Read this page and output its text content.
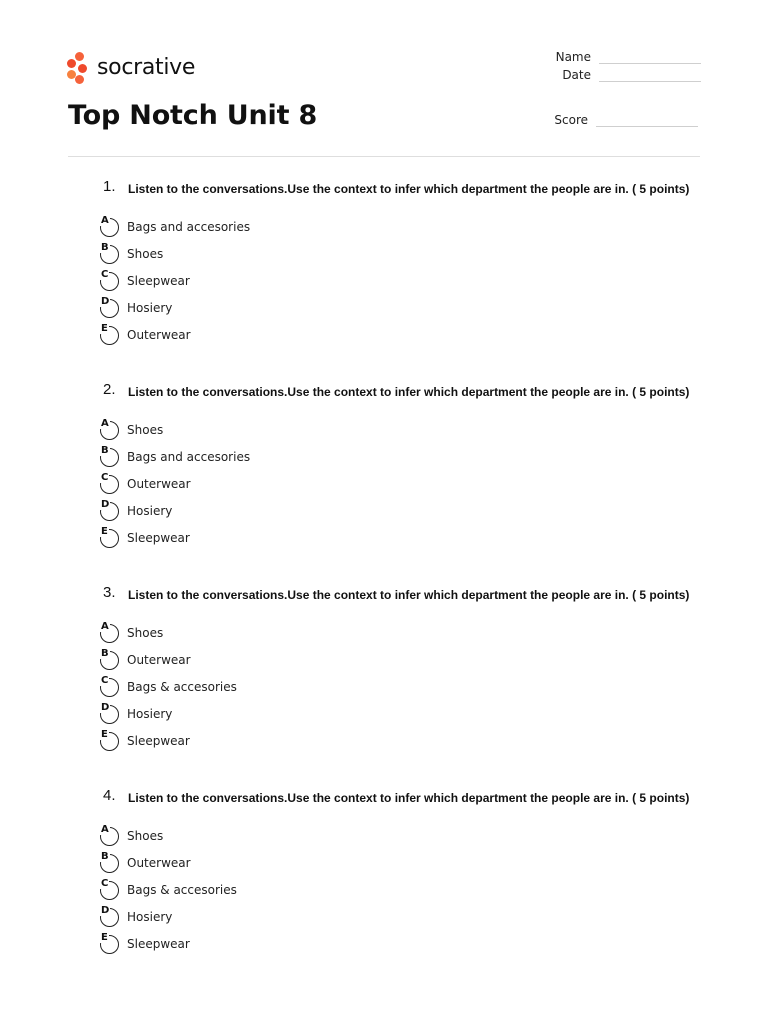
socrative
Top Notch Unit 8
Name
Date
Score
1. Listen to the conversations.Use the context to infer which department the people are in. ( 5 points)
A Bags and accesories
B Shoes
C Sleepwear
D Hosiery
E Outerwear
2. Listen to the conversations.Use the context to infer which department the people are in. ( 5 points)
A Shoes
B Bags and accesories
C Outerwear
D Hosiery
E Sleepwear
3. Listen to the conversations.Use the context to infer which department the people are in. ( 5 points)
A Shoes
B Outerwear
C Bags & accesories
D Hosiery
E Sleepwear
4. Listen to the conversations.Use the context to infer which department the people are in. ( 5 points)
A Shoes
B Outerwear
C Bags & accesories
D Hosiery
E Sleepwear
